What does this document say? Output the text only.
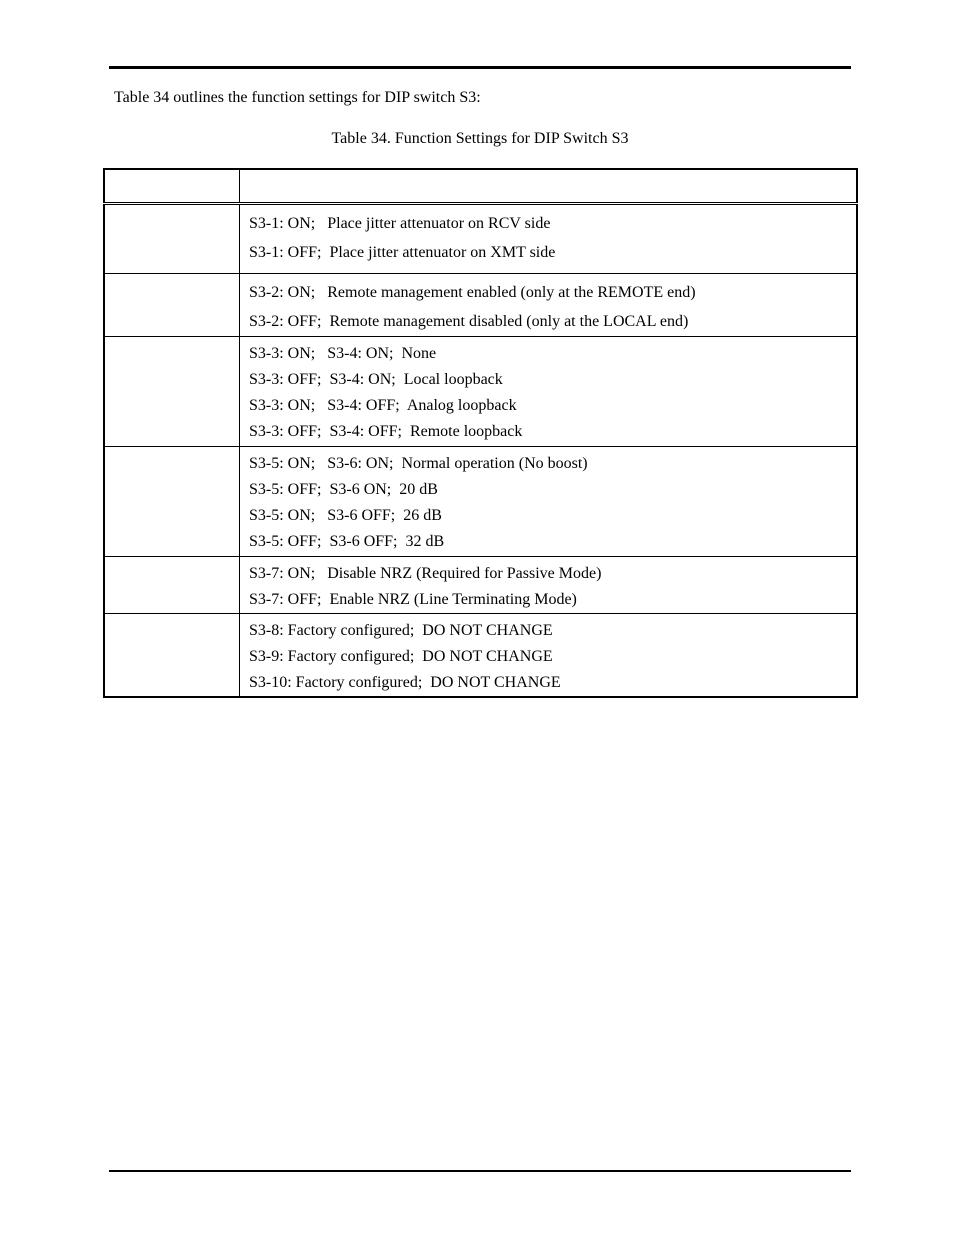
Table 34 outlines the function settings for DIP switch S3:

Table 34. Function Settings for DIP Switch S3

	S3-1: ON;   Place jitter attenuator on RCV side
S3-1: OFF;  Place jitter attenuator on XMT side

	S3-2: ON;   Remote management enabled (only at the REMOTE end)
S3-2: OFF;  Remote management disabled (only at the LOCAL end)

	S3-3: ON;   S3-4: ON;  None
S3-3: OFF;  S3-4: ON;  Local loopback
S3-3: ON;   S3-4: OFF;  Analog loopback
S3-3: OFF;  S3-4: OFF;  Remote loopback

	S3-5: ON;   S3-6: ON;  Normal operation (No boost)
S3-5: OFF;  S3-6 ON;  20 dB
S3-5: ON;   S3-6 OFF;  26 dB
S3-5: OFF;  S3-6 OFF;  32 dB

	S3-7: ON;   Disable NRZ (Required for Passive Mode)
S3-7: OFF;  Enable NRZ (Line Terminating Mode)

	S3-8: Factory configured;  DO NOT CHANGE
S3-9: Factory configured;  DO NOT CHANGE
S3-10: Factory configured;  DO NOT CHANGE
